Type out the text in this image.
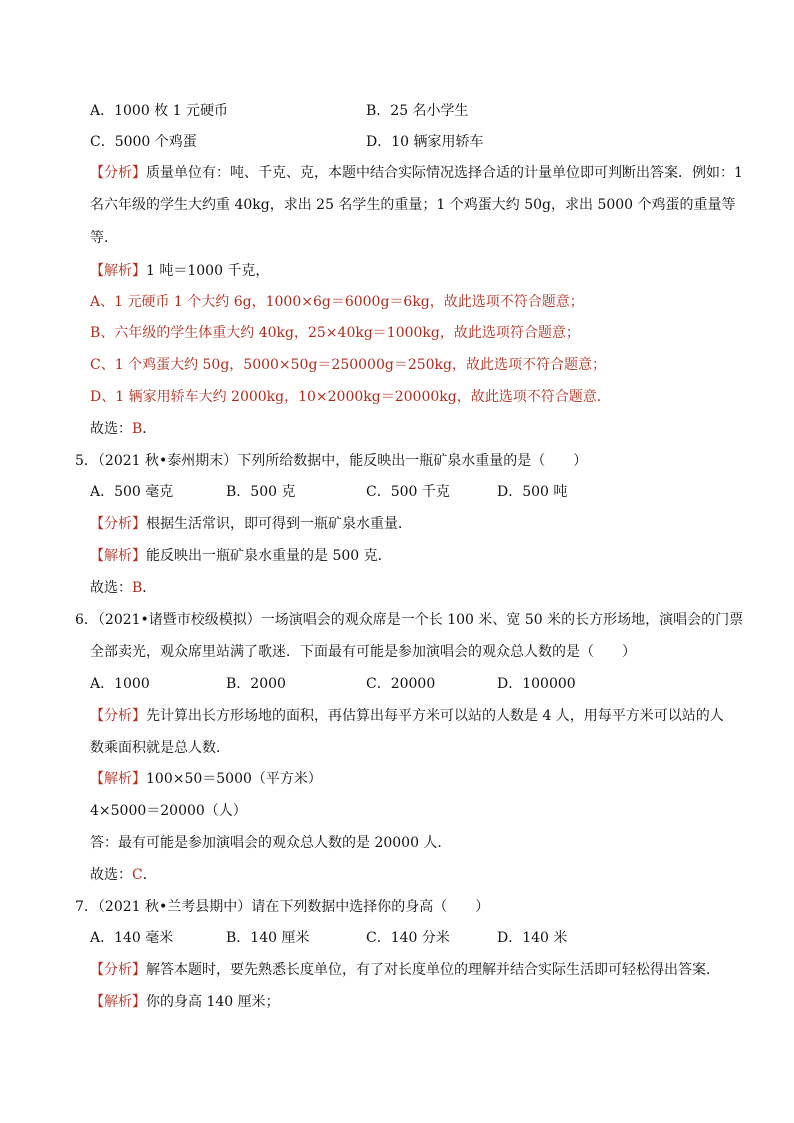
A．1000 枚 1 元硬币	B．25 名小学生
C．5000 个鸡蛋	D．10 辆家用轿车
【分析】质量单位有：吨、千克、克，本题中结合实际情况选择合适的计量单位即可判断出答案．例如：1
名六年级的学生大约重 40kg，求出 25 名学生的重量；1 个鸡蛋大约 50g，求出 5000 个鸡蛋的重量等
等．
【解析】1 吨＝1000 千克，
A、1 元硬币 1 个大约 6g，1000×6g＝6000g＝6kg，故此选项不符合题意；
B、六年级的学生体重大约 40kg，25×40kg＝1000kg，故此选项符合题意；
C、1 个鸡蛋大约 50g，5000×50g＝250000g＝250kg，故此选项不符合题意；
D、1 辆家用轿车大约 2000kg，10×2000kg＝20000kg，故此选项不符合题意．
故选：B．
5．（2021 秋•泰州期末）下列所给数据中，能反映出一瓶矿泉水重量的是（　　）
A．500 毫克	B．500 克	C．500 千克	D．500 吨
【分析】根据生活常识，即可得到一瓶矿泉水重量．
【解析】能反映出一瓶矿泉水重量的是 500 克．
故选：B．
6．（2021•诸暨市校级模拟）一场演唱会的观众席是一个长 100 米、宽 50 米的长方形场地，演唱会的门票
全部卖光，观众席里站满了歌迷．下面最有可能是参加演唱会的观众总人数的是（　　）
A．1000	B．2000	C．20000	D．100000
【分析】先计算出长方形场地的面积，再估算出每平方米可以站的人数是 4 人，用每平方米可以站的人
数乘面积就是总人数．
【解析】100×50＝5000（平方米）
4×5000＝20000（人）
答：最有可能是参加演唱会的观众总人数的是 20000 人．
故选：C．
7．（2021 秋•兰考县期中）请在下列数据中选择你的身高（　　）
A．140 毫米	B．140 厘米	C．140 分米	D．140 米
【分析】解答本题时，要先熟悉长度单位，有了对长度单位的理解并结合实际生活即可轻松得出答案．
【解析】你的身高 140 厘米；
